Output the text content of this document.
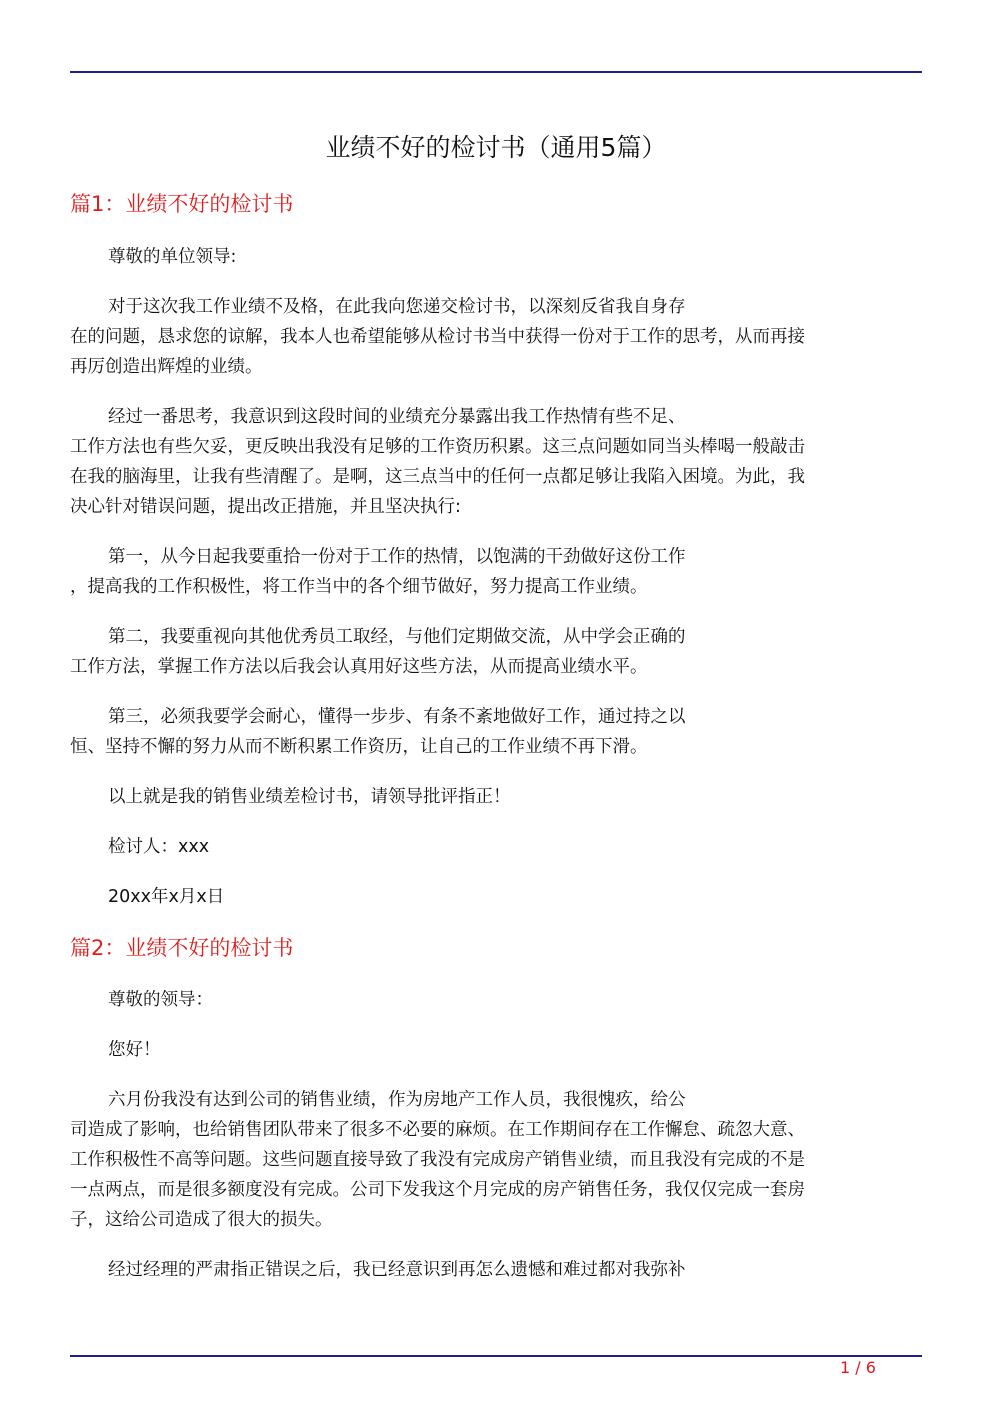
业绩不好的检讨书（通用5篇）
篇1：业绩不好的检讨书
尊敬的单位领导:
对于这次我工作业绩不及格，在此我向您递交检讨书，以深刻反省我自身存
在的问题，恳求您的谅解，我本人也希望能够从检讨书当中获得一份对于工作的思考，从而再接
再厉创造出辉煌的业绩。
经过一番思考，我意识到这段时间的业绩充分暴露出我工作热情有些不足、
工作方法也有些欠妥，更反映出我没有足够的工作资历积累。这三点问题如同当头棒喝一般敲击
在我的脑海里，让我有些清醒了。是啊，这三点当中的任何一点都足够让我陷入困境。为此，我
决心针对错误问题，提出改正措施，并且坚决执行:
第一，从今日起我要重拾一份对于工作的热情，以饱满的干劲做好这份工作
，提高我的工作积极性，将工作当中的各个细节做好，努力提高工作业绩。
第二，我要重视向其他优秀员工取经，与他们定期做交流，从中学会正确的
工作方法，掌握工作方法以后我会认真用好这些方法，从而提高业绩水平。
第三，必须我要学会耐心，懂得一步步、有条不紊地做好工作，通过持之以
恒、坚持不懈的努力从而不断积累工作资历，让自己的工作业绩不再下滑。
以上就是我的销售业绩差检讨书，请领导批评指正！
检讨人：xxx
20xx年x月x日
篇2：业绩不好的检讨书
尊敬的领导：
您好！
六月份我没有达到公司的销售业绩，作为房地产工作人员，我很愧疚，给公
司造成了影响，也给销售团队带来了很多不必要的麻烦。在工作期间存在工作懈怠、疏忽大意、
工作积极性不高等问题。这些问题直接导致了我没有完成房产销售业绩，而且我没有完成的不是
一点两点，而是很多额度没有完成。公司下发我这个月完成的房产销售任务，我仅仅完成一套房
子，这给公司造成了很大的损失。
经过经理的严肃指正错误之后，我已经意识到再怎么遗憾和难过都对我弥补
1 / 6
